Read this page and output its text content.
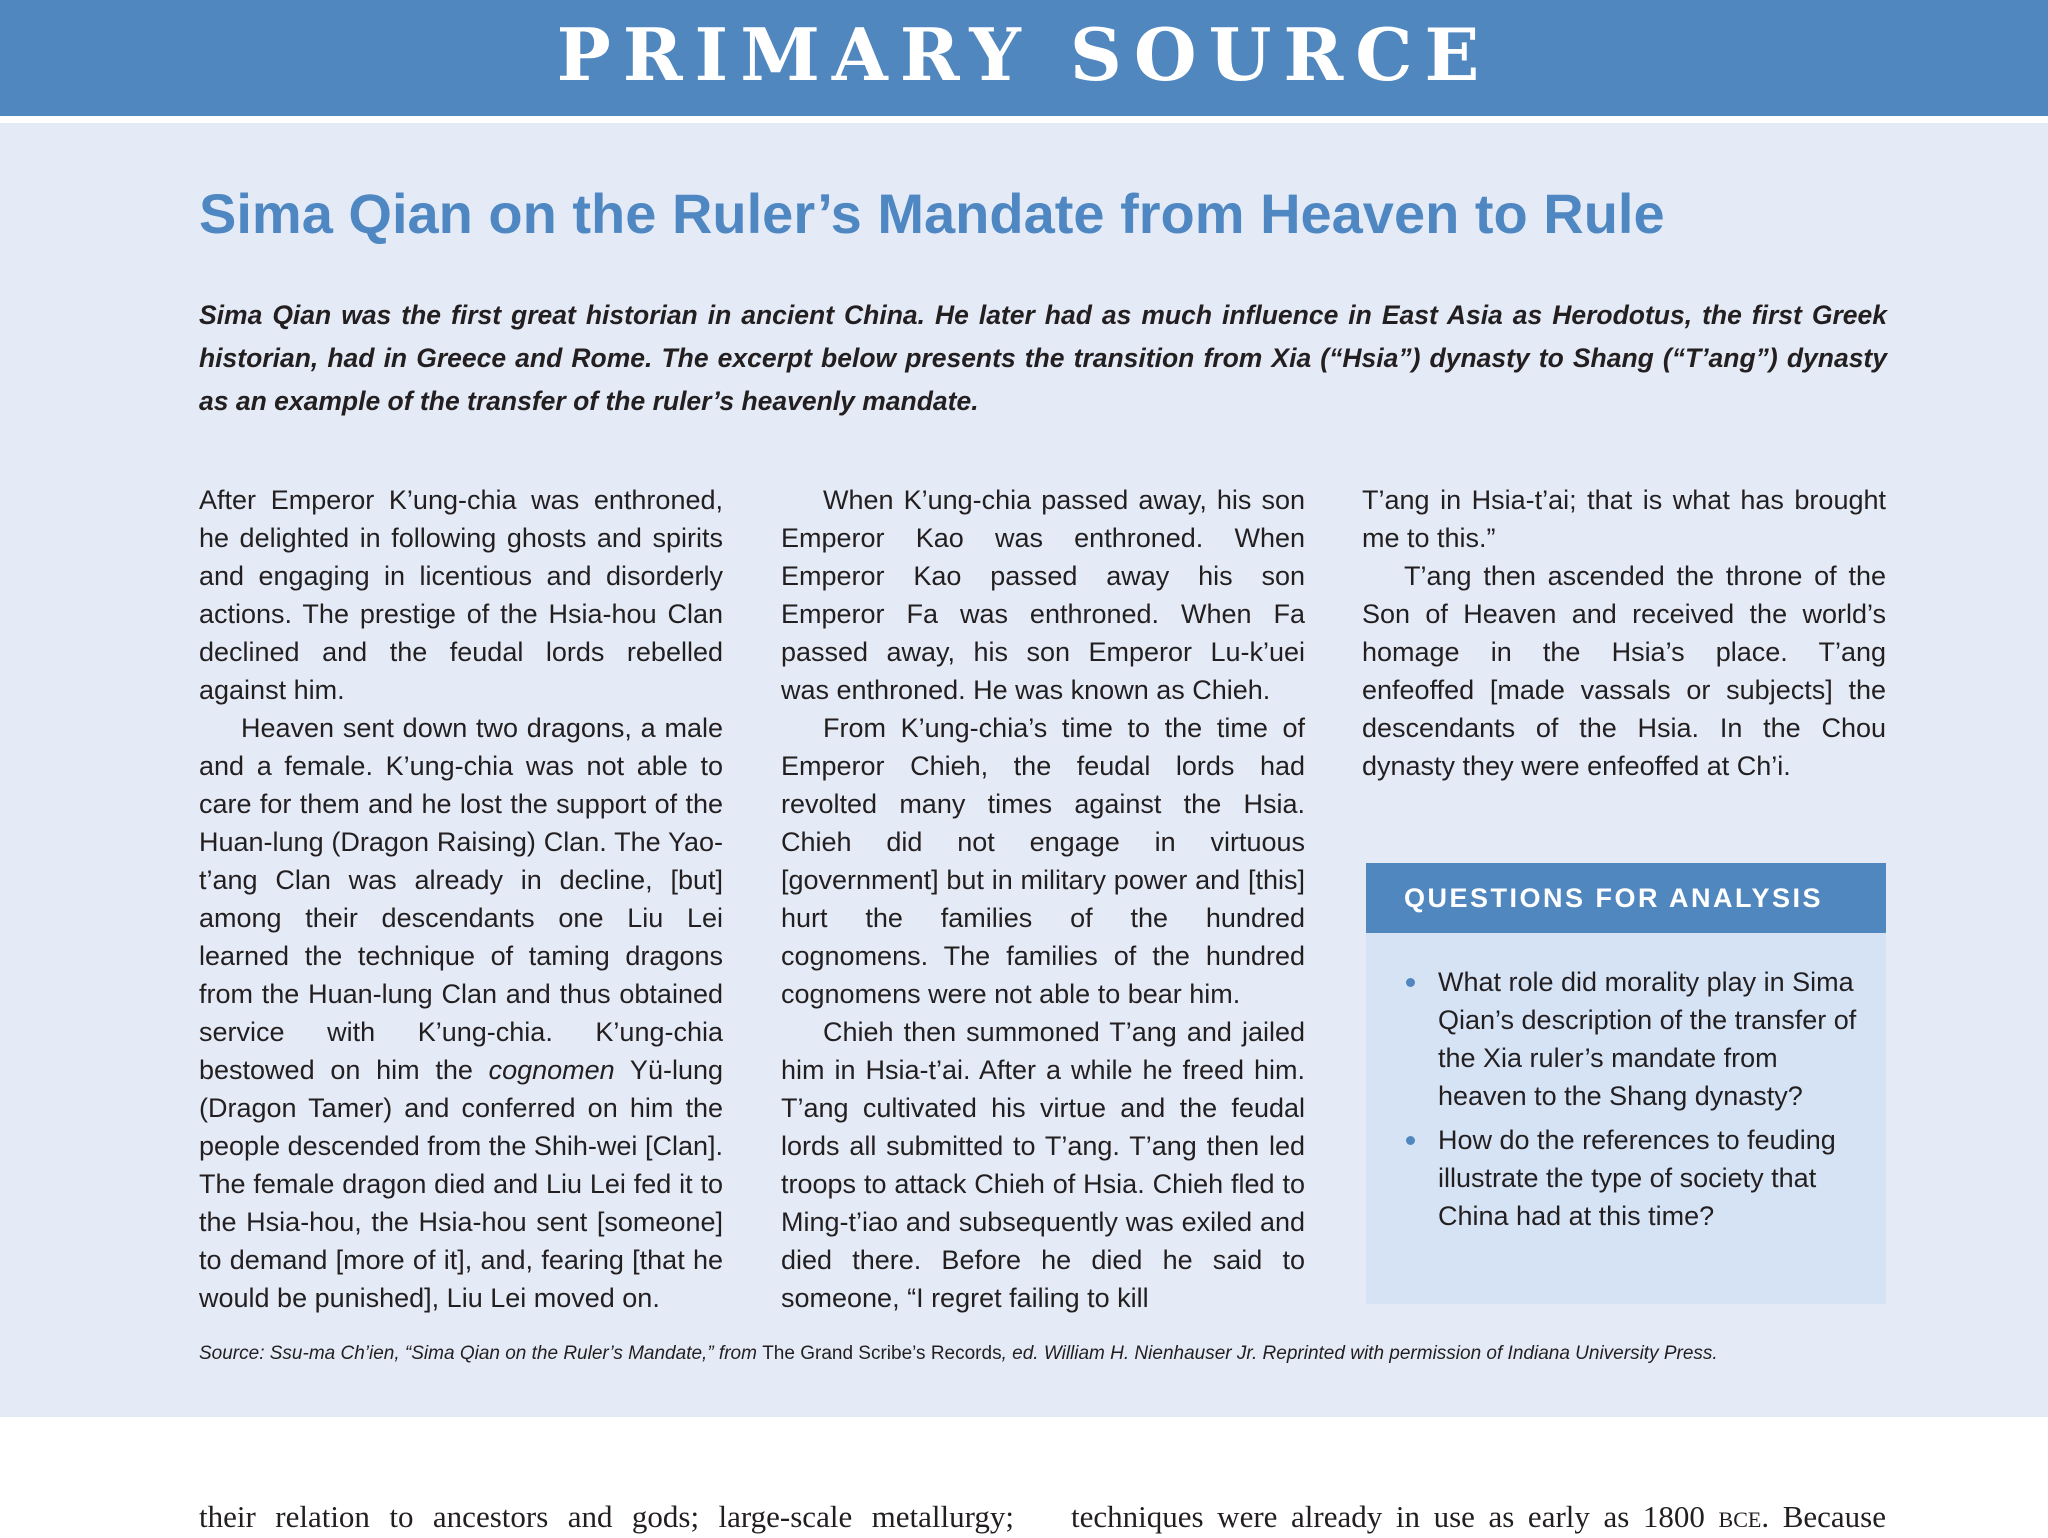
PRIMARY SOURCE
Sima Qian on the Ruler’s Mandate from Heaven to Rule

Sima Qian was the first great historian in ancient China. He later had as much influence in East Asia as Herodotus, the first Greek historian, had in Greece and Rome. The excerpt below presents the transition from Xia (“Hsia”) dynasty to Shang (“T’ang”) dynasty as an example of the transfer of the ruler’s heavenly mandate.

After Emperor K’ung-chia was enthroned, he delighted in following ghosts and spirits and engaging in licentious and disorderly actions. The prestige of the Hsia-hou Clan declined and the feudal lords rebelled against him.

Heaven sent down two dragons, a male and a female. K’ung-chia was not able to care for them and he lost the support of the Huan-lung (Dragon Raising) Clan. The Yao-t’ang Clan was already in decline, [but] among their descendants one Liu Lei learned the technique of taming dragons from the Huan-lung Clan and thus obtained service with K’ung-chia. K’ung-chia bestowed on him the cognomen Yü-lung (Dragon Tamer) and conferred on him the people descended from the Shih-wei [Clan]. The female dragon died and Liu Lei fed it to the Hsia-hou, the Hsia-hou sent [someone] to demand [more of it], and, fearing [that he would be punished], Liu Lei moved on.

When K’ung-chia passed away, his son Emperor Kao was enthroned. When Emperor Kao passed away his son Emperor Fa was enthroned. When Fa passed away, his son Emperor Lu-k’uei was enthroned. He was known as Chieh.

From K’ung-chia’s time to the time of Emperor Chieh, the feudal lords had revolted many times against the Hsia. Chieh did not engage in virtuous [government] but in military power and [this] hurt the families of the hundred cognomens. The families of the hundred cognomens were not able to bear him.

Chieh then summoned T’ang and jailed him in Hsia-t’ai. After a while he freed him. T’ang cultivated his virtue and the feudal lords all submitted to T’ang. T’ang then led troops to attack Chieh of Hsia. Chieh fled to Ming-t’iao and subsequently was exiled and died there. Before he died he said to someone, “I regret failing to kill

T’ang in Hsia-t’ai; that is what has brought me to this.”

T’ang then ascended the throne of the Son of Heaven and received the world’s homage in the Hsia’s place. T’ang enfeoffed [made vassals or subjects] the descendants of the Hsia. In the Chou dynasty they were enfeoffed at Ch’i.

QUESTIONS FOR ANALYSIS
What role did morality play in Sima Qian’s description of the transfer of the Xia ruler’s mandate from heaven to the Shang dynasty?
How do the references to feuding illustrate the type of society that China had at this time?
Source: Ssu-ma Ch’ien, “Sima Qian on the Ruler’s Mandate,” from The Grand Scribe’s Records, ed. William H. Nienhauser Jr. Reprinted with permission of Indiana University Press.
their relation to ancestors and gods; large-scale metallurgy; techniques were already in use as early as 1800 bce. Because
